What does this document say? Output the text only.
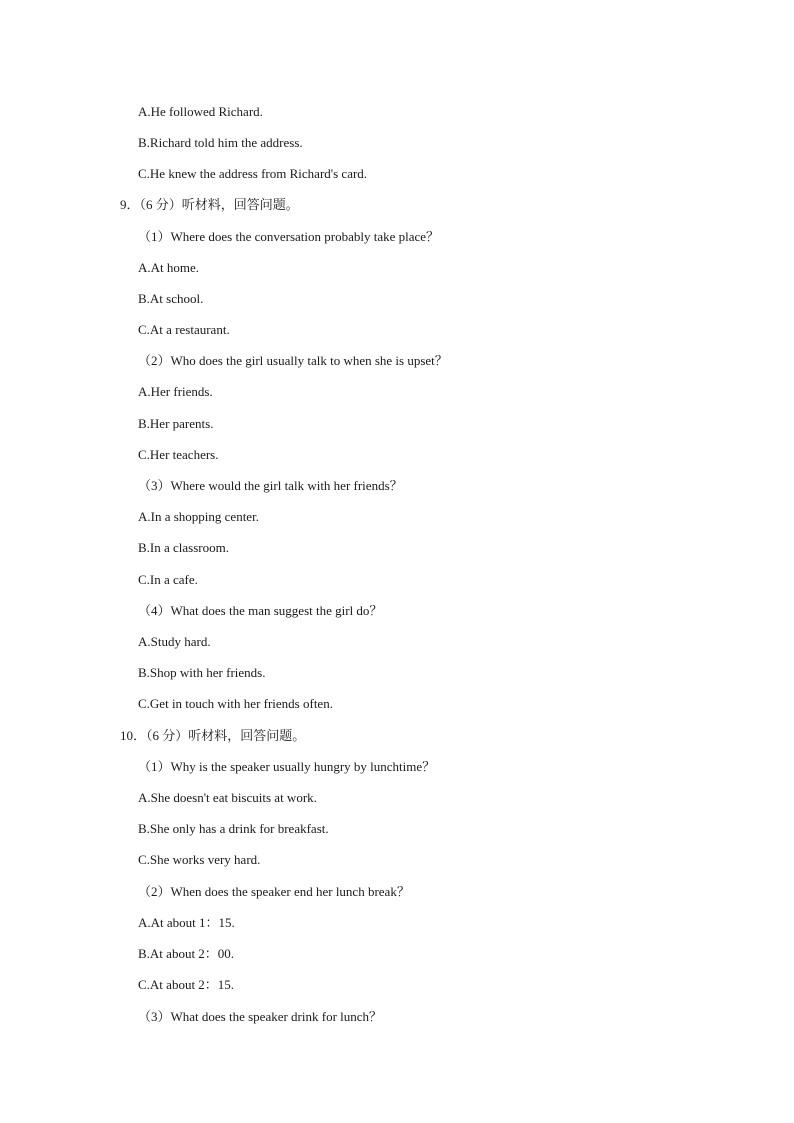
A.He followed Richard.
B.Richard told him the address.
C.He knew the address from Richard's card.
9．（6 分）听材料，回答问题。
（1）Where does the conversation probably take place？
A.At home.
B.At school.
C.At a restaurant.
（2）Who does the girl usually talk to when she is upset？
A.Her friends.
B.Her parents.
C.Her teachers.
（3）Where would the girl talk with her friends？
A.In a shopping center.
B.In a classroom.
C.In a cafe.
（4）What does the man suggest the girl do？
A.Study hard.
B.Shop with her friends.
C.Get in touch with her friends often.
10．（6 分）听材料，回答问题。
（1）Why is the speaker usually hungry by lunchtime？
A.She doesn't eat biscuits at work.
B.She only has a drink for breakfast.
C.She works very hard.
（2）When does the speaker end her lunch break？
A.At about 1：15.
B.At about 2：00.
C.At about 2：15.
（3）What does the speaker drink for lunch？
